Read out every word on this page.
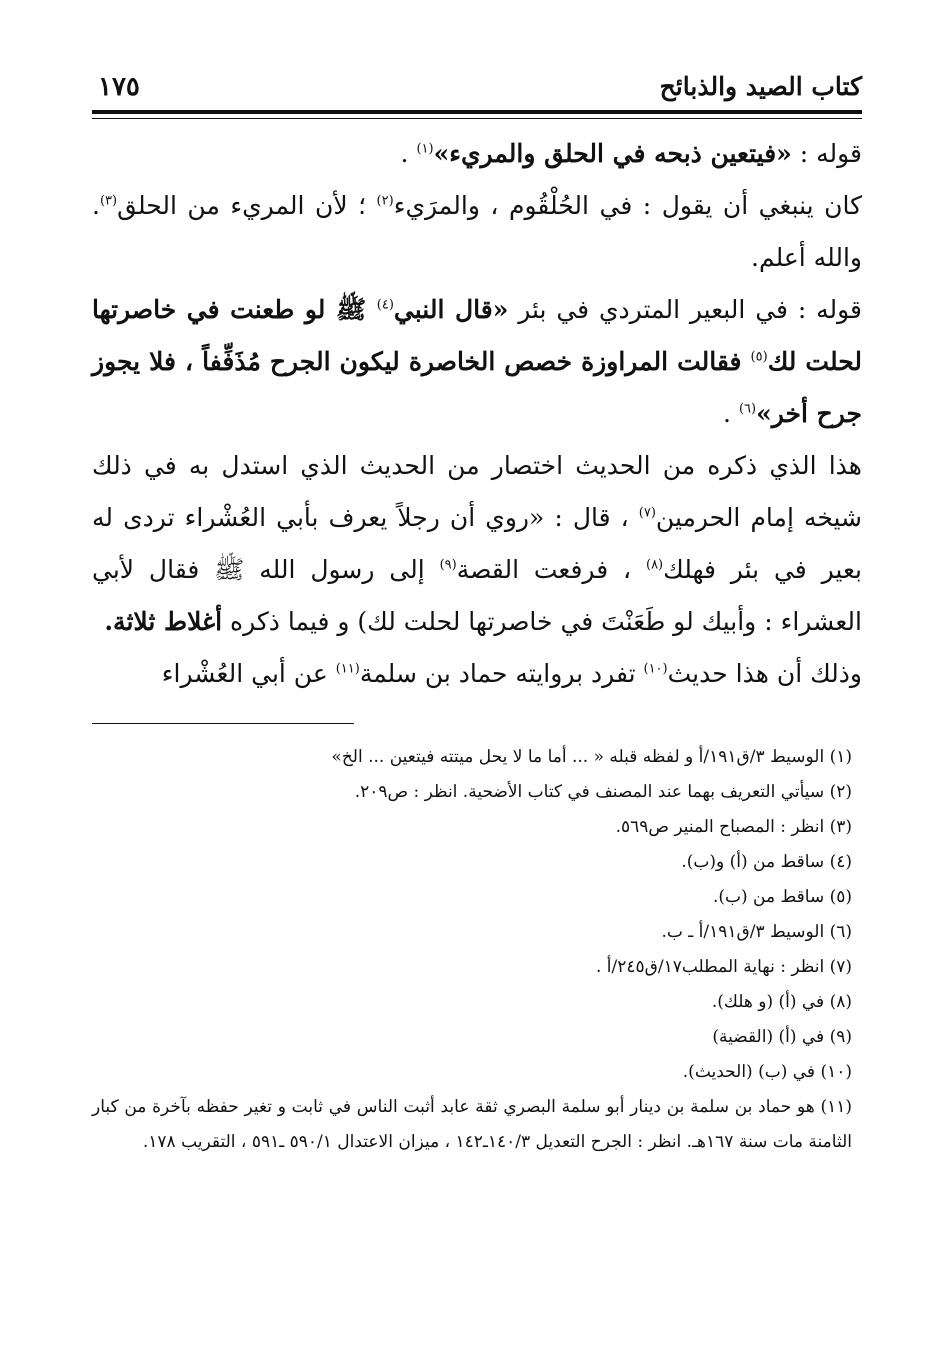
١٧٥	كتاب الصيد والذبائح

قوله : «فيتعين ذبحه في الحلق والمريء»$^{(١)}$ .

كان ينبغي أن يقول : في الحُلْقُوم ، والمرَيء$^{(٢)}$ ؛ لأن المريء من الحلق$^{(٣)}$. والله أعلم.

قوله : في البعير المتردي في بئر «قال النبي$^{(٤)}$ ﷺ لو طعنت في خاصرتها لحلت لك$^{(٥)}$ فقالت المراوزة خصص الخاصرة ليكون الجرح مُذَفِّفاً ، فلا يجوز جرح أخر»$^{(٦)}$ .

هذا الذي ذكره من الحديث اختصار من الحديث الذي استدل به في ذلك شيخه إمام الحرمين$^{(٧)}$ ، قال : «روي أن رجلاً يعرف بأبي العُشْراء تردى له بعير في بئر فهلك$^{(٨)}$ ، فرفعت القصة$^{(٩)}$ إلى رسول الله ﷺ فقال لأبي العشراء : وأبيك لو طَعَنْتَ في خاصرتها لحلت لك) و فيما ذكره أغلاط ثلاثة.

وذلك أن هذا حديث$^{(١٠)}$ تفرد بروايته حماد بن سلمة$^{(١١)}$ عن أبي العُشْراء

(١) الوسيط ٣/ق١٩١/أ و لفظه قبله « ... أما ما لا يحل ميتته فيتعين ... الخ»

(٢) سيأتي التعريف بهما عند المصنف في كتاب الأضحية. انظر : ص٢٠٩.

(٣) انظر : المصباح المنير ص٥٦٩.

(٤) ساقط من (أ) و(ب).

(٥) ساقط من (ب).

(٦) الوسيط ٣/ق١٩١/أ ـ ب.

(٧) انظر : نهاية المطلب١٧/ق٢٤٥/أ .

(٨) في (أ) (و هلك).

(٩) في (أ) (القضية)

(١٠) في (ب) (الحديث).

(١١) هو حماد بن سلمة بن دينار أبو سلمة البصري ثقة عابد أثبت الناس في ثابت و تغير حفظه بآخرة من كبار الثامنة مات سنة ١٦٧هـ. انظر : الجرح التعديل ١٤٠/٣ـ١٤٢ ، ميزان الاعتدال ٥٩٠/١ ـ٥٩١ ، التقريب ١٧٨.
